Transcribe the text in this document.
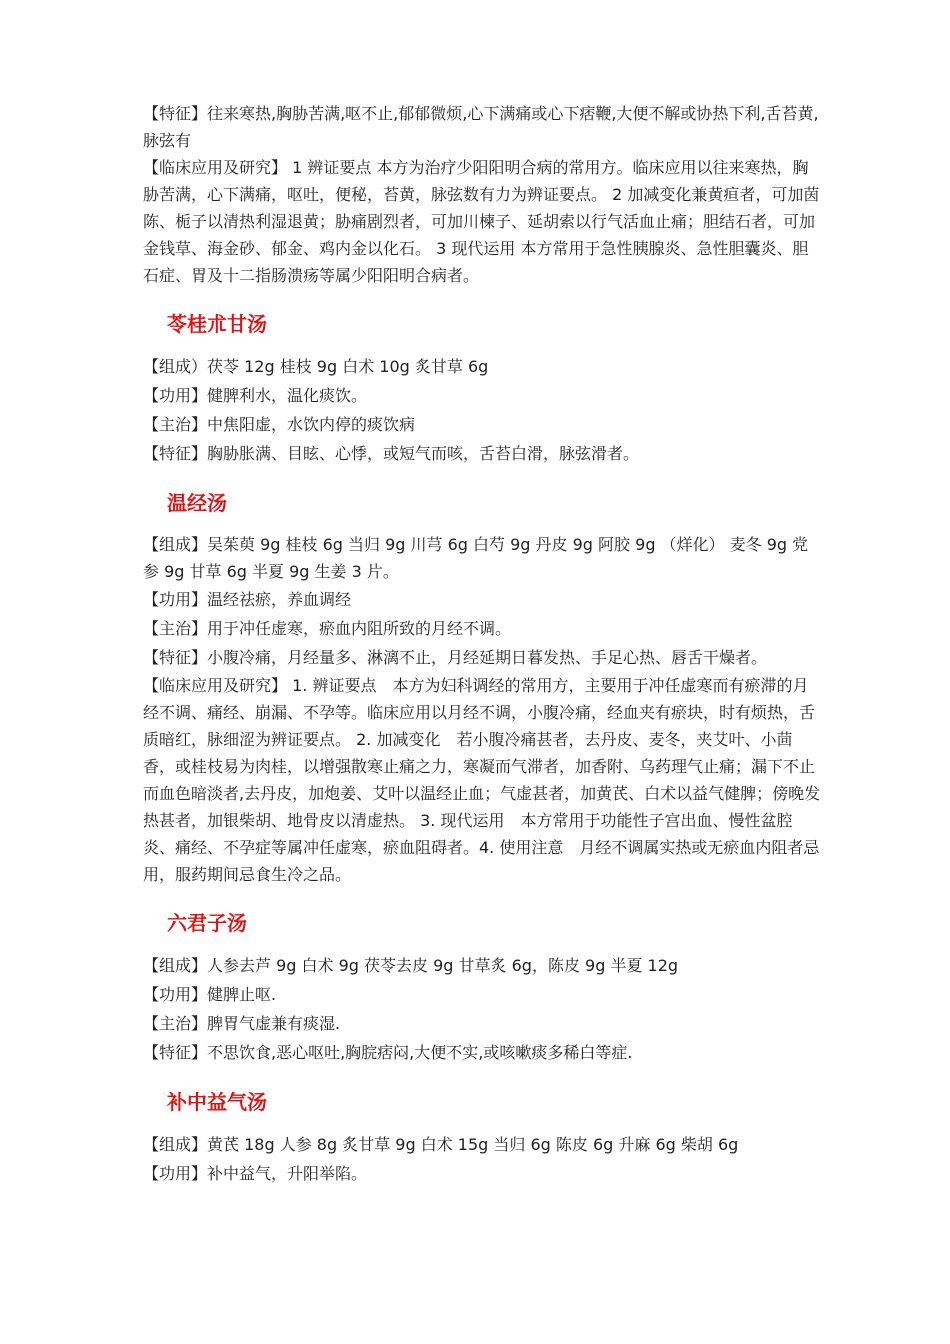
【特征】往来寒热,胸胁苦满,呕不止,郁郁微烦,心下满痛或心下痞鞭,大便不解或协热下利,舌苔黄,脉弦有

【临床应用及研究】 1 辨证要点 本方为治疗少阳阳明合病的常用方。临床应用以往来寒热，胸胁苦满，心下满痛，呕吐，便秘，苔黄，脉弦数有力为辨证要点。 2 加减变化兼黄疸者，可加茵陈、栀子以清热利湿退黄；胁痛剧烈者，可加川楝子、延胡索以行气活血止痛；胆结石者，可加金钱草、海金砂、郁金、鸡内金以化石。 3 现代运用 本方常用于急性胰腺炎、急性胆囊炎、胆石症、胃及十二指肠溃疡等属少阳阳明合病者。

苓桂朮甘汤

【组成）茯苓 12g 桂枝 9g 白术 10g 炙甘草 6g

【功用】健脾利水，温化痰饮。

【主治】中焦阳虚，水饮内停的痰饮病

【特征】胸胁胀满、目眩、心悸，或短气而咳，舌苔白滑，脉弦滑者。

温经汤

【组成】吴茱萸 9g 桂枝 6g 当归 9g 川芎 6g 白芍 9g 丹皮 9g 阿胶 9g （烊化） 麦冬 9g 党参 9g 甘草 6g 半夏 9g 生姜 3 片。

【功用】温经祛瘀，养血调经

【主治】用于冲任虚寒，瘀血内阻所致的月经不调。

【特征】小腹冷痛，月经量多、淋漓不止，月经延期日暮发热、手足心热、唇舌干燥者。

【临床应用及研究】 1. 辨证要点　本方为妇科调经的常用方，主要用于冲任虚寒而有瘀滞的月经不调、痛经、崩漏、不孕等。临床应用以月经不调，小腹冷痛，经血夹有瘀块，时有烦热，舌质暗红，脉细涩为辨证要点。 2. 加减变化　若小腹冷痛甚者，去丹皮、麦冬，夹艾叶、小茴香，或桂枝易为肉桂，以增强散寒止痛之力，寒凝而气滞者，加香附、乌药理气止痛；漏下不止而血色暗淡者,去丹皮，加炮姜、艾叶以温经止血；气虚甚者，加黄芪、白术以益气健脾；傍晚发热甚者，加银柴胡、地骨皮以清虚热。 3. 现代运用　本方常用于功能性子宫出血、慢性盆腔炎、痛经、不孕症等属冲任虚寒，瘀血阻碍者。4. 使用注意　月经不调属实热或无瘀血内阻者忌用，服药期间忌食生冷之品。

六君子汤

【组成】人参去芦 9g 白术 9g 茯苓去皮 9g 甘草炙 6g，陈皮 9g 半夏 12g

【功用】健脾止呕.

【主治】脾胃气虚兼有痰湿.

【特征】不思饮食,恶心呕吐,胸脘痞闷,大便不实,或咳嗽痰多稀白等症.

补中益气汤

【组成】黄芪 18g 人参 8g 炙甘草 9g 白术 15g 当归 6g 陈皮 6g 升麻 6g 柴胡 6g

【功用】补中益气，升阳举陷。
